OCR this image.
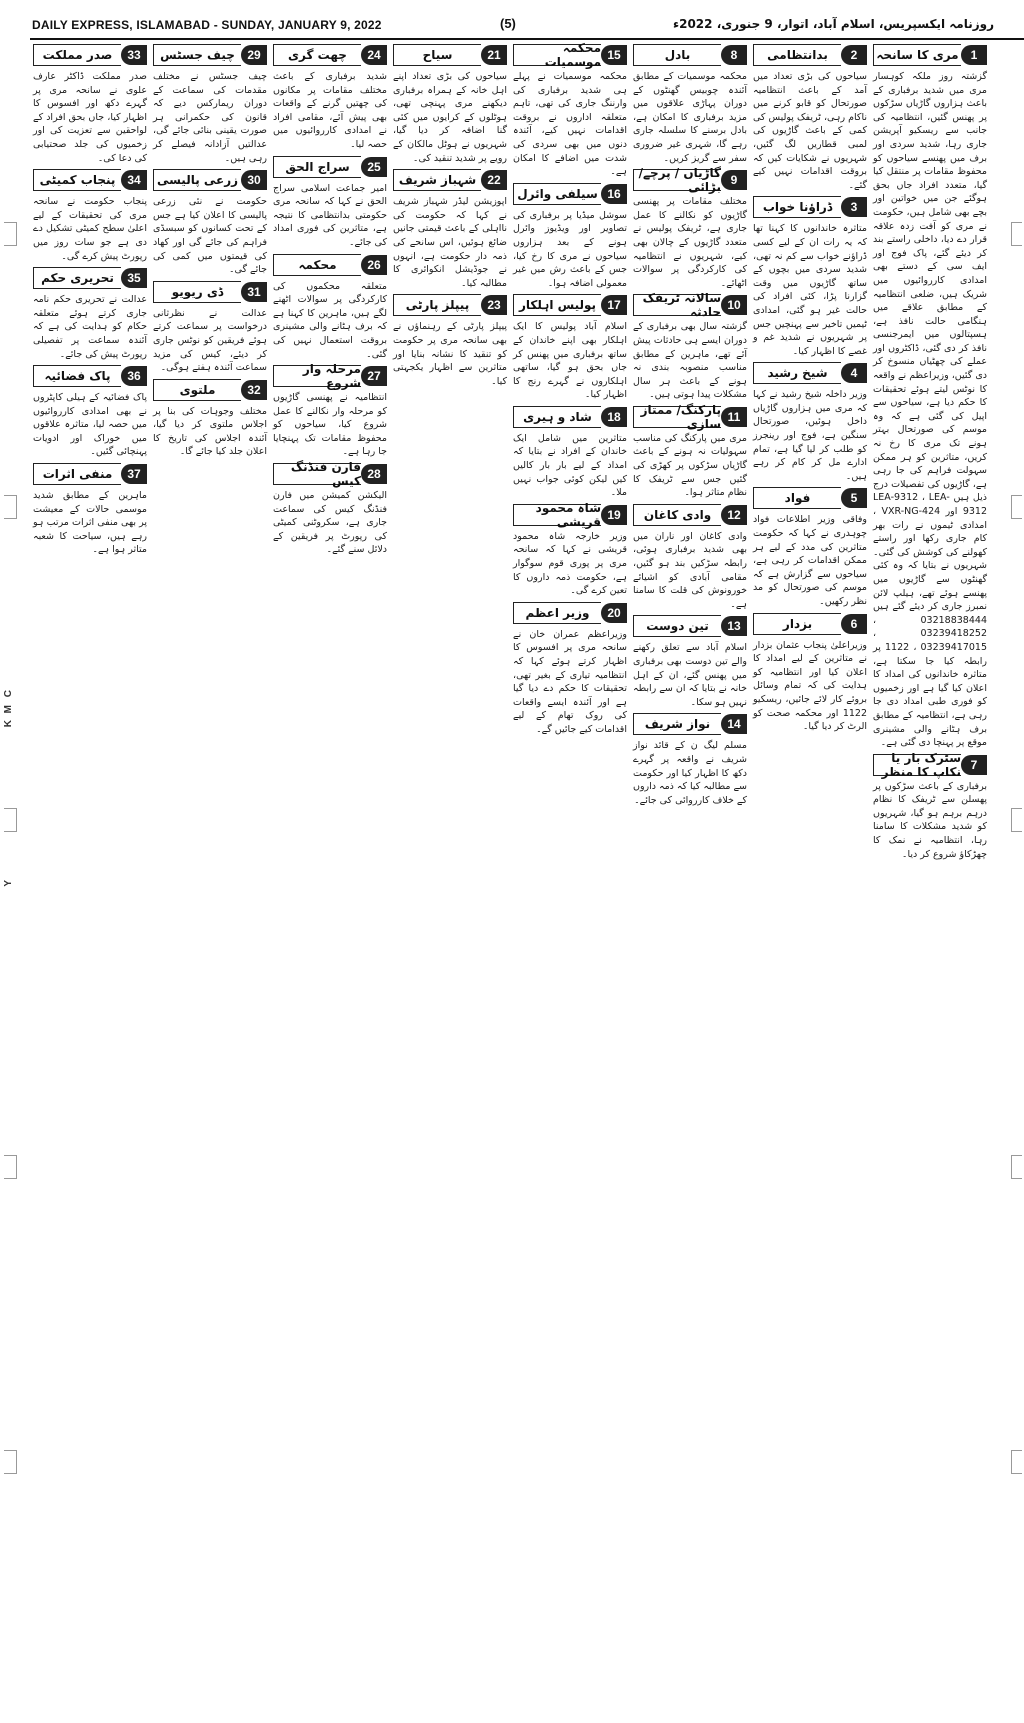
DAILY EXPRESS, ISLAMABAD - SUNDAY, JANUARY 9, 2022	(5)	روزنامہ ایکسپریس، اسلام آباد، اتوار، 9 جنوری، 2022ء
1
مری کا سانحہ
گزشتہ روز ملکہ کوہسار مری میں شدید برفباری کے باعث ہزاروں گاڑیاں سڑکوں پر پھنس گئیں، انتظامیہ کی جانب سے ریسکیو آپریشن جاری رہا، شدید سردی اور برف میں پھنسے سیاحوں کو محفوظ مقامات پر منتقل کیا گیا، متعدد افراد جاں بحق ہوگئے جن میں خواتین اور بچے بھی شامل ہیں، حکومت نے مری کو آفت زدہ علاقہ قرار دے دیا، داخلی راستے بند کر دیئے گئے، پاک فوج اور ایف سی کے دستے بھی امدادی کارروائیوں میں شریک ہیں، ضلعی انتظامیہ کے مطابق علاقے میں ہنگامی حالت نافذ ہے، ہسپتالوں میں ایمرجنسی نافذ کر دی گئی، ڈاکٹروں اور عملے کی چھٹیاں منسوخ کر دی گئیں، وزیراعظم نے واقعہ کا نوٹس لیتے ہوئے تحقیقات کا حکم دیا ہے، سیاحوں سے اپیل کی گئی ہے کہ وہ موسم کی صورتحال بہتر ہونے تک مری کا رخ نہ کریں، متاثرین کو ہر ممکن سہولت فراہم کی جا رہی ہے، گاڑیوں کی تفصیلات درج ذیل ہیں LEA-9312 ، LEA-9312 اور VXR-NG-424 ، امدادی ٹیموں نے رات بھر کام جاری رکھا اور راستے کھولنے کی کوشش کی گئی۔ شہریوں نے بتایا کہ وہ کئی گھنٹوں سے گاڑیوں میں پھنسے ہوئے تھے، ہیلپ لائن نمبرز جاری کر دیئے گئے ہیں 03218838444 ، 03239418252 ، 03239417015 ، 1122 پر رابطہ کیا جا سکتا ہے، متاثرہ خاندانوں کی امداد کا اعلان کیا گیا ہے اور زخمیوں کو فوری طبی امداد دی جا رہی ہے، انتظامیہ کے مطابق برف ہٹانے والی مشینری موقع پر پہنچا دی گئی ہے۔
7
سٹرک بار یا نکاپ کا منظر
برفباری کے باعث سڑکوں پر پھسلن سے ٹریفک کا نظام درہم برہم ہو گیا، شہریوں کو شدید مشکلات کا سامنا رہا، انتظامیہ نے نمک کا چھڑکاؤ شروع کر دیا۔
2
بدانتظامی
سیاحوں کی بڑی تعداد میں آمد کے باعث انتظامیہ صورتحال کو قابو کرنے میں ناکام رہی، ٹریفک پولیس کی کمی کے باعث گاڑیوں کی لمبی قطاریں لگ گئیں، شہریوں نے شکایات کیں کہ بروقت اقدامات نہیں کیے گئے۔
3
ڈراؤنا خواب
متاثرہ خاندانوں کا کہنا تھا کہ یہ رات ان کے لیے کسی ڈراؤنے خواب سے کم نہ تھی، شدید سردی میں بچوں کے ساتھ گاڑیوں میں وقت گزارنا پڑا، کئی افراد کی حالت غیر ہو گئی، امدادی ٹیمیں تاخیر سے پہنچیں جس پر شہریوں نے شدید غم و غصے کا اظہار کیا۔
4
شیخ رشید
وزیر داخلہ شیخ رشید نے کہا کہ مری میں ہزاروں گاڑیاں داخل ہوئیں، صورتحال سنگین ہے، فوج اور رینجرز کو طلب کر لیا گیا ہے، تمام ادارے مل کر کام کر رہے ہیں۔
5
فواد
وفاقی وزیر اطلاعات فواد چوہدری نے کہا کہ حکومت متاثرین کی مدد کے لیے ہر ممکن اقدامات کر رہی ہے، سیاحوں سے گزارش ہے کہ موسم کی صورتحال کو مد نظر رکھیں۔
6
بزدار
وزیراعلیٰ پنجاب عثمان بزدار نے متاثرین کے لیے امداد کا اعلان کیا اور انتظامیہ کو ہدایت کی کہ تمام وسائل بروئے کار لائے جائیں، ریسکیو 1122 اور محکمہ صحت کو الرٹ کر دیا گیا۔
8
بادل
محکمہ موسمیات کے مطابق آئندہ چوبیس گھنٹوں کے دوران پہاڑی علاقوں میں مزید برفباری کا امکان ہے، بادل برسنے کا سلسلہ جاری رہے گا، شہری غیر ضروری سفر سے گریز کریں۔
9
گاڑیاں / پرچے/ بڑائی
مختلف مقامات پر پھنسی گاڑیوں کو نکالنے کا عمل جاری ہے، ٹریفک پولیس نے متعدد گاڑیوں کے چالان بھی کیے، شہریوں نے انتظامیہ کی کارکردگی پر سوالات اٹھائے۔
10
سالانہ ٹریفک حادثہ
گزشتہ سال بھی برفباری کے دوران ایسے ہی حادثات پیش آئے تھے، ماہرین کے مطابق مناسب منصوبہ بندی نہ ہونے کے باعث ہر سال مشکلات پیدا ہوتی ہیں۔
11
پارکنگ/ ممتاز سازی
مری میں پارکنگ کی مناسب سہولیات نہ ہونے کے باعث گاڑیاں سڑکوں پر کھڑی کی گئیں جس سے ٹریفک کا نظام متاثر ہوا۔
12
وادی کاغان
وادی کاغان اور ناران میں بھی شدید برفباری ہوئی، رابطہ سڑکیں بند ہو گئیں، مقامی آبادی کو اشیائے خورونوش کی قلت کا سامنا ہے۔
13
تین دوست
اسلام آباد سے تعلق رکھنے والے تین دوست بھی برفباری میں پھنس گئے، ان کے اہل خانہ نے بتایا کہ ان سے رابطہ نہیں ہو سکا۔
14
نواز شریف
مسلم لیگ ن کے قائد نواز شریف نے واقعہ پر گہرے دکھ کا اظہار کیا اور حکومت سے مطالبہ کیا کہ ذمہ داروں کے خلاف کارروائی کی جائے۔
15
محکمہ موسمیات
محکمہ موسمیات نے پہلے ہی شدید برفباری کی وارننگ جاری کی تھی، تاہم متعلقہ اداروں نے بروقت اقدامات نہیں کیے، آئندہ دنوں میں بھی سردی کی شدت میں اضافے کا امکان ہے۔
16
سیلفی وائرل
سوشل میڈیا پر برفباری کی تصاویر اور ویڈیوز وائرل ہونے کے بعد ہزاروں سیاحوں نے مری کا رخ کیا، جس کے باعث رش میں غیر معمولی اضافہ ہوا۔
17
پولیس اہلکار
اسلام آباد پولیس کا ایک اہلکار بھی اپنے خاندان کے ساتھ برفباری میں پھنس کر جاں بحق ہو گیا، ساتھی اہلکاروں نے گہرے رنج کا اظہار کیا۔
18
شاد و ہیری
متاثرین میں شامل ایک خاندان کے افراد نے بتایا کہ امداد کے لیے بار بار کالیں کیں لیکن کوئی جواب نہیں ملا۔
19
شاہ محمود قریشی
وزیر خارجہ شاہ محمود قریشی نے کہا کہ سانحہ مری پر پوری قوم سوگوار ہے، حکومت ذمہ داروں کا تعین کرے گی۔
20
وزیر اعظم
وزیراعظم عمران خان نے سانحہ مری پر افسوس کا اظہار کرتے ہوئے کہا کہ انتظامیہ تیاری کے بغیر تھی، تحقیقات کا حکم دے دیا گیا ہے اور آئندہ ایسے واقعات کی روک تھام کے لیے اقدامات کیے جائیں گے۔
21
سیاح
سیاحوں کی بڑی تعداد اپنے اہل خانہ کے ہمراہ برفباری دیکھنے مری پہنچی تھی، ہوٹلوں کے کرایوں میں کئی گنا اضافہ کر دیا گیا، شہریوں نے ہوٹل مالکان کے رویے پر شدید تنقید کی۔
22
شہباز شریف
اپوزیشن لیڈر شہباز شریف نے کہا کہ حکومت کی نااہلی کے باعث قیمتی جانیں ضائع ہوئیں، اس سانحے کی ذمہ دار حکومت ہے، انہوں نے جوڈیشل انکوائری کا مطالبہ کیا۔
23
پیپلز پارٹی
پیپلز پارٹی کے رہنماؤں نے بھی سانحہ مری پر حکومت کو تنقید کا نشانہ بنایا اور متاثرین سے اظہار یکجہتی کیا۔
24
چھت گری
شدید برفباری کے باعث مختلف مقامات پر مکانوں کی چھتیں گرنے کے واقعات بھی پیش آئے، مقامی افراد نے امدادی کارروائیوں میں حصہ لیا۔
25
سراج الحق
امیر جماعت اسلامی سراج الحق نے کہا کہ سانحہ مری حکومتی بدانتظامی کا نتیجہ ہے، متاثرین کی فوری امداد کی جائے۔
26
محکمہ
متعلقہ محکموں کی کارکردگی پر سوالات اٹھنے لگے ہیں، ماہرین کا کہنا ہے کہ برف ہٹانے والی مشینری بروقت استعمال نہیں کی گئی۔
27
مرحلہ وار شروع
انتظامیہ نے پھنسی گاڑیوں کو مرحلہ وار نکالنے کا عمل شروع کیا، سیاحوں کو محفوظ مقامات تک پہنچایا جا رہا ہے۔
28
فارن فنڈنگ کیس
الیکشن کمیشن میں فارن فنڈنگ کیس کی سماعت جاری ہے، سکروٹنی کمیٹی کی رپورٹ پر فریقین کے دلائل سنے گئے۔
29
چیف جسٹس
چیف جسٹس نے مختلف مقدمات کی سماعت کے دوران ریمارکس دیے کہ قانون کی حکمرانی ہر صورت یقینی بنائی جائے گی، عدالتیں آزادانہ فیصلے کر رہی ہیں۔
30
زرعی پالیسی
حکومت نے نئی زرعی پالیسی کا اعلان کیا ہے جس کے تحت کسانوں کو سبسڈی فراہم کی جائے گی اور کھاد کی قیمتوں میں کمی کی جائے گی۔
31
ڈی ریویو
عدالت نے نظرثانی درخواست پر سماعت کرتے ہوئے فریقین کو نوٹس جاری کر دیئے، کیس کی مزید سماعت آئندہ ہفتے ہوگی۔
32
ملتوی
مختلف وجوہات کی بنا پر اجلاس ملتوی کر دیا گیا، آئندہ اجلاس کی تاریخ کا اعلان جلد کیا جائے گا۔
33
صدر مملکت
صدر مملکت ڈاکٹر عارف علوی نے سانحہ مری پر گہرے دکھ اور افسوس کا اظہار کیا، جاں بحق افراد کے لواحقین سے تعزیت کی اور زخمیوں کی جلد صحتیابی کی دعا کی۔
34
پنجاب کمیٹی
پنجاب حکومت نے سانحہ مری کی تحقیقات کے لیے اعلیٰ سطح کمیٹی تشکیل دے دی ہے جو سات روز میں رپورٹ پیش کرے گی۔
35
تحریری حکم
عدالت نے تحریری حکم نامہ جاری کرتے ہوئے متعلقہ حکام کو ہدایت کی ہے کہ آئندہ سماعت پر تفصیلی رپورٹ پیش کی جائے۔
36
پاک فضائیہ
پاک فضائیہ کے ہیلی کاپٹروں نے بھی امدادی کارروائیوں میں حصہ لیا، متاثرہ علاقوں میں خوراک اور ادویات پہنچائی گئیں۔
37
منفی اثرات
ماہرین کے مطابق شدید موسمی حالات کے معیشت پر بھی منفی اثرات مرتب ہو رہے ہیں، سیاحت کا شعبہ متاثر ہوا ہے۔
C
M
K
Y
